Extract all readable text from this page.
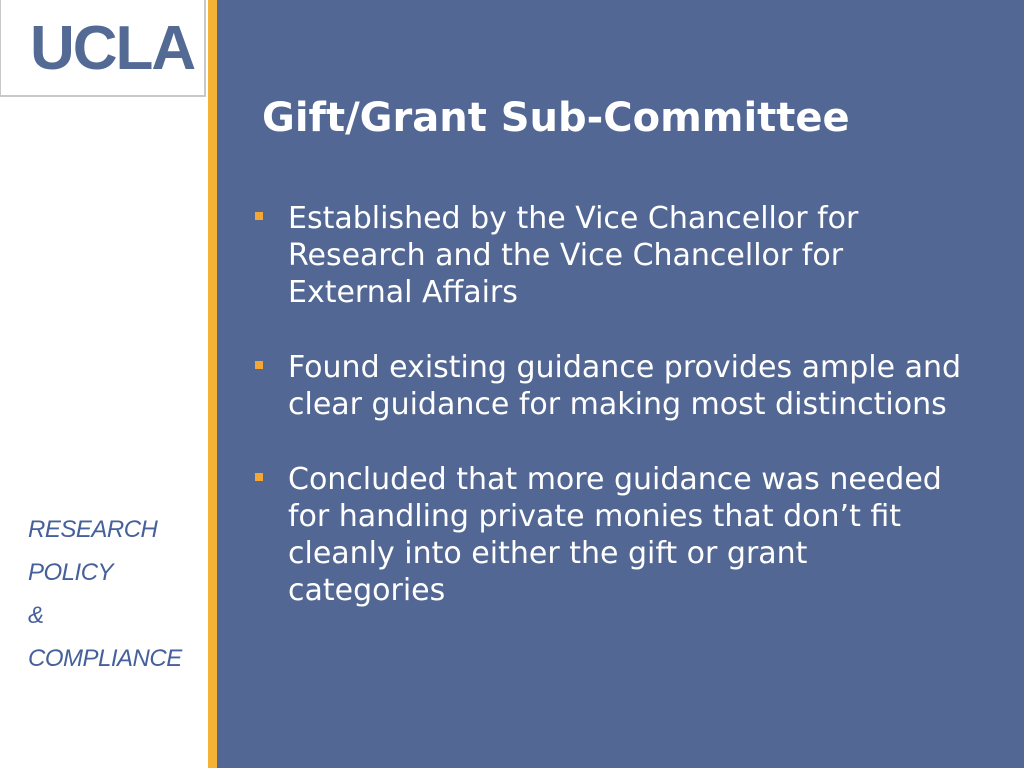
UCLA
RESEARCH
POLICY
&
COMPLIANCE
Gift/Grant Sub-Committee
Established by the Vice Chancellor for Research and the Vice Chancellor for External Affairs
Found existing guidance provides ample and clear guidance for making most distinctions
Concluded that more guidance was needed for handling private monies that don’t fit cleanly into either the gift or grant categories
